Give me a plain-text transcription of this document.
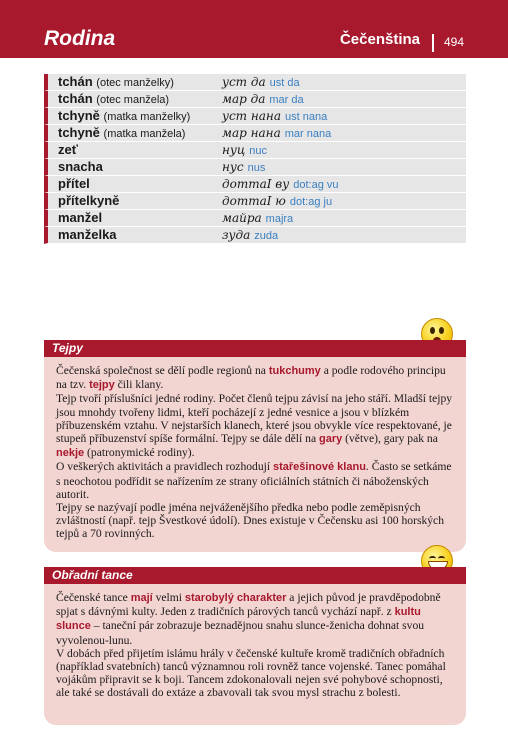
Rodina	Čečenština 494
tchán (otec manželky)	уст да ust da
tchán (otec manžela)	мар да mar da
tchyně (matka manželky)	уст нана ust nana
tchyně (matka manžela)	мар нана mar nana
zeť	нуц nuc
snacha	нус nus
přítel	доттаӀ ву dot:ag vu
přítelkyně	доттаӀ ю dot:ag ju
manžel	майра majra
manželka	зуда zuda
Tejpy

Čečenská společnost se dělí podle regionů na tukchumy a podle rodového principu na tzv. tejpy čili klany.

Tejp tvoří příslušníci jedné rodiny. Počet členů tejpu závisí na jeho stáří. Mladší tejpy jsou mnohdy tvořeny lidmi, kteří pocházejí z jedné vesnice a jsou v blízkém příbuzenském vztahu. V nejstarších klanech, které jsou obvykle více respektované, je stupeň příbuzenství spíše formální. Tejpy se dále dělí na gary (větve), gary pak na nekje (patronymické rodiny).

O veškerých aktivitách a pravidlech rozhodují stařešinové klanu. Často se setkáme s neochotou podřídit se nařízením ze strany oficiálních státních či náboženských autorit.

Tejpy se nazývají podle jména nejváženějšího předka nebo podle zeměpisných zvláštností (např. tejp Švestkové údolí). Dnes existuje v Čečensku asi 100 horských tejpů a 70 rovinných.

Obřadní tance

Čečenské tance mají velmi starobylý charakter a jejich původ je pravděpodobně spjat s dávnými kulty. Jeden z tradičních párových tanců vychází např. z kultu slunce – taneční pár zobrazuje beznadějnou snahu slunce-ženicha dohnat svou vyvolenou-lunu.

V dobách před přijetím islámu hrály v čečenské kultuře kromě tradičních obřadních (například svatebních) tanců významnou roli rovněž tance vojenské. Tanec pomáhal vojákům připravit se k boji. Tancem zdokonalovali nejen své pohybové schopnosti, ale také se dostávali do extáze a zbavovali tak svou mysl strachu z bolesti.
